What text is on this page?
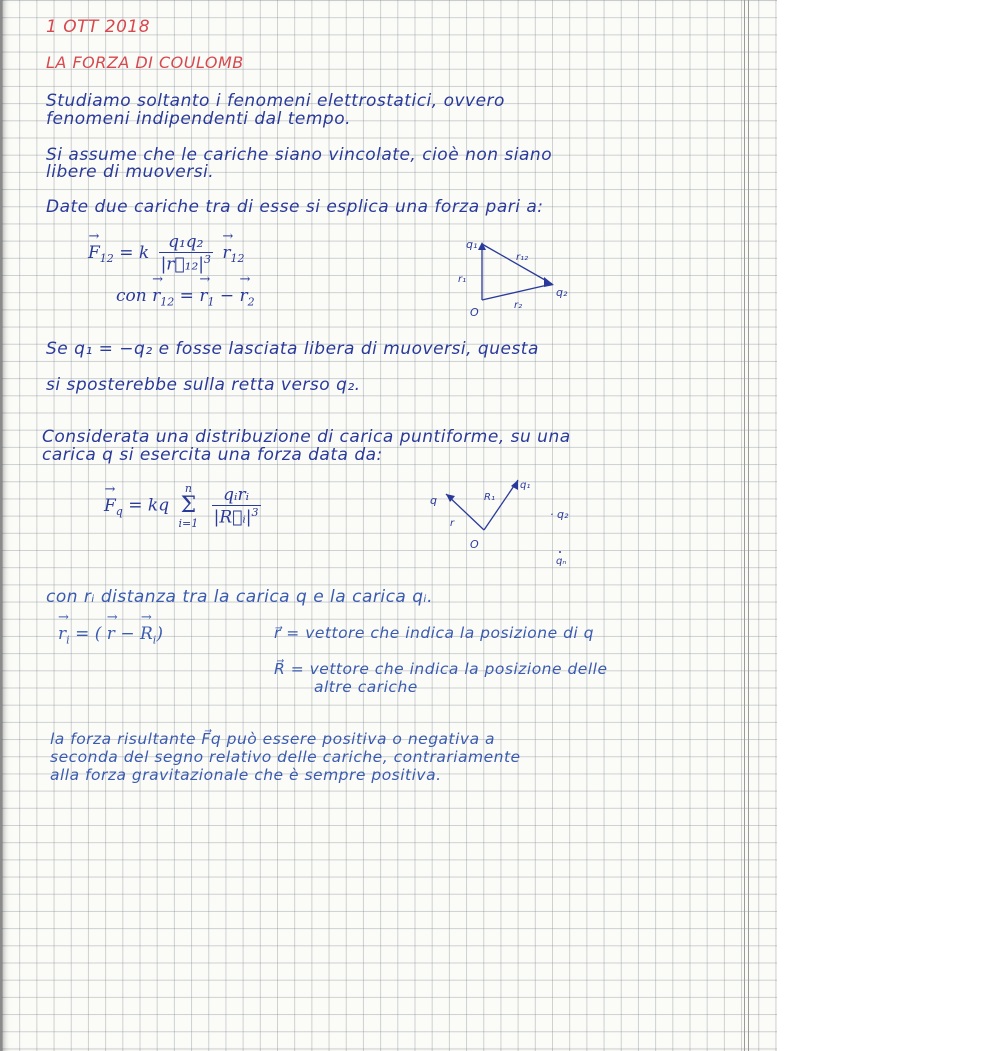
1 OTT 2018
LA FORZA DI COULOMB
Studiamo soltanto i fenomeni elettrostatici, ovvero
fenomeni indipendenti dal tempo.
Si assume che le cariche siano vincolate, cioè non siano
libere di muoversi.
Date due cariche tra di esse si esplica una forza pari a:
→ $F_{12} = k \frac{\text{q₁q₂}}{|r⃗_{12}|^3}$
→ $r_{12}$
con → $r_{12}$ = → $r_1$ − → $r_2$
q₁
q₂
r₁
r₂
r₁₂
O
Se q₁ = −q₂ e fosse lasciata libera di muoversi, questa
si sposterebbe sulla retta verso q₂.
Considerata una distribuzione di carica puntiforme, su una
carica q si esercita una forza data da:
→ $F_q$ = kq
n
Σ
i=1
$\frac{\text{qᵢrᵢ}}{|R⃗ᵢ|^3}$	q
q₁
· q₂
qₙ
r
R₁
O
con rᵢ distanza tra la carica q e la carica qᵢ.
→ $r_i$ = ( → r − → $R_i$)	r⃗ = vettore che indica la posizione di q
R⃗ = vettore che indica la posizione delle
altre cariche
la forza risultante F⃗q può essere positiva o negativa a
seconda del segno relativo delle cariche, contrariamente
alla forza gravitazionale che è sempre positiva.
